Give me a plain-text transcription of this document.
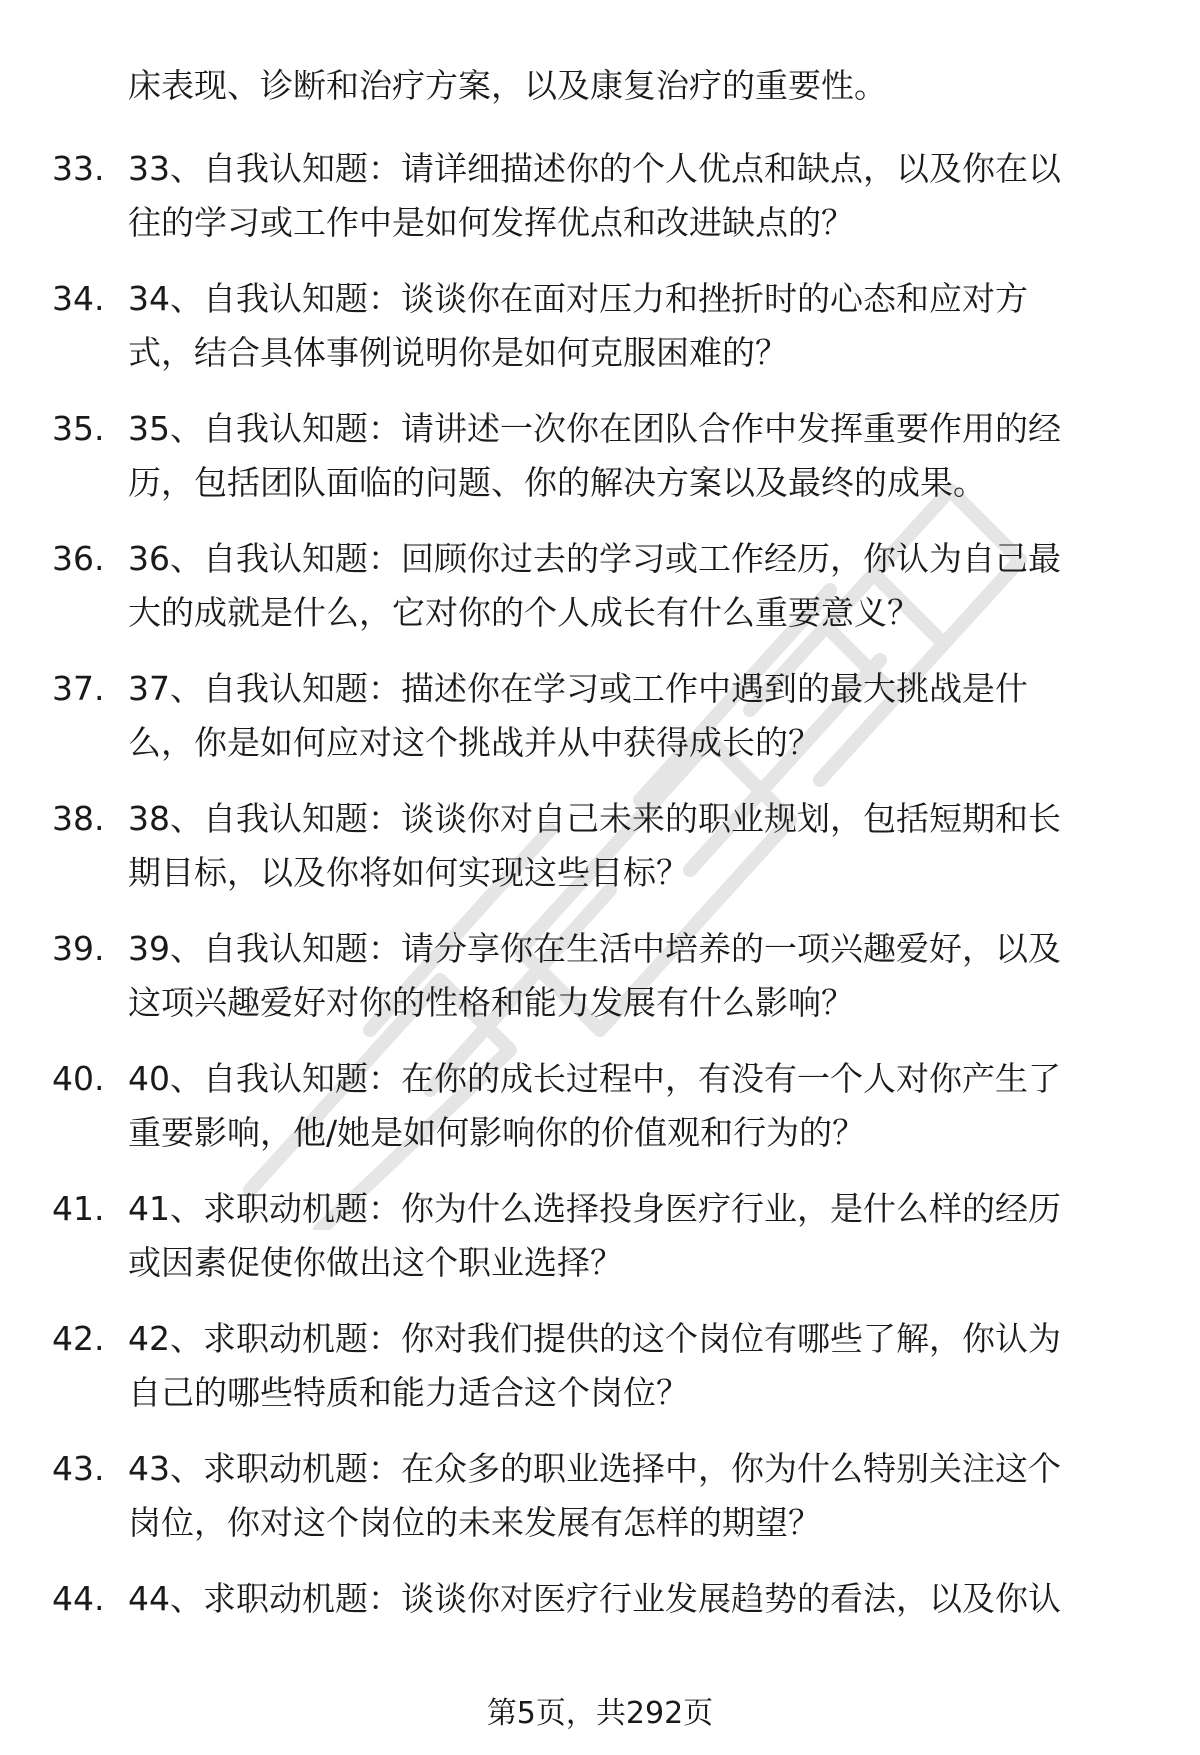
床表现、诊断和治疗方案，以及康复治疗的重要性。
33. 33、自我认知题：请详细描述你的个人优点和缺点，以及你在以
往的学习或工作中是如何发挥优点和改进缺点的？
34. 34、自我认知题：谈谈你在面对压力和挫折时的心态和应对方
式，结合具体事例说明你是如何克服困难的？
35. 35、自我认知题：请讲述一次你在团队合作中发挥重要作用的经
历，包括团队面临的问题、你的解决方案以及最终的成果。
36. 36、自我认知题：回顾你过去的学习或工作经历，你认为自己最
大的成就是什么，它对你的个人成长有什么重要意义？
37. 37、自我认知题：描述你在学习或工作中遇到的最大挑战是什
么，你是如何应对这个挑战并从中获得成长的？
38. 38、自我认知题：谈谈你对自己未来的职业规划，包括短期和长
期目标，以及你将如何实现这些目标？
39. 39、自我认知题：请分享你在生活中培养的一项兴趣爱好，以及
这项兴趣爱好对你的性格和能力发展有什么影响？
40. 40、自我认知题：在你的成长过程中，有没有一个人对你产生了
重要影响，他/她是如何影响你的价值观和行为的？
41. 41、求职动机题：你为什么选择投身医疗行业，是什么样的经历
或因素促使你做出这个职业选择？
42. 42、求职动机题：你对我们提供的这个岗位有哪些了解，你认为
自己的哪些特质和能力适合这个岗位？
43. 43、求职动机题：在众多的职业选择中，你为什么特别关注这个
岗位，你对这个岗位的未来发展有怎样的期望？
44. 44、求职动机题：谈谈你对医疗行业发展趋势的看法，以及你认
第5页，共292页
